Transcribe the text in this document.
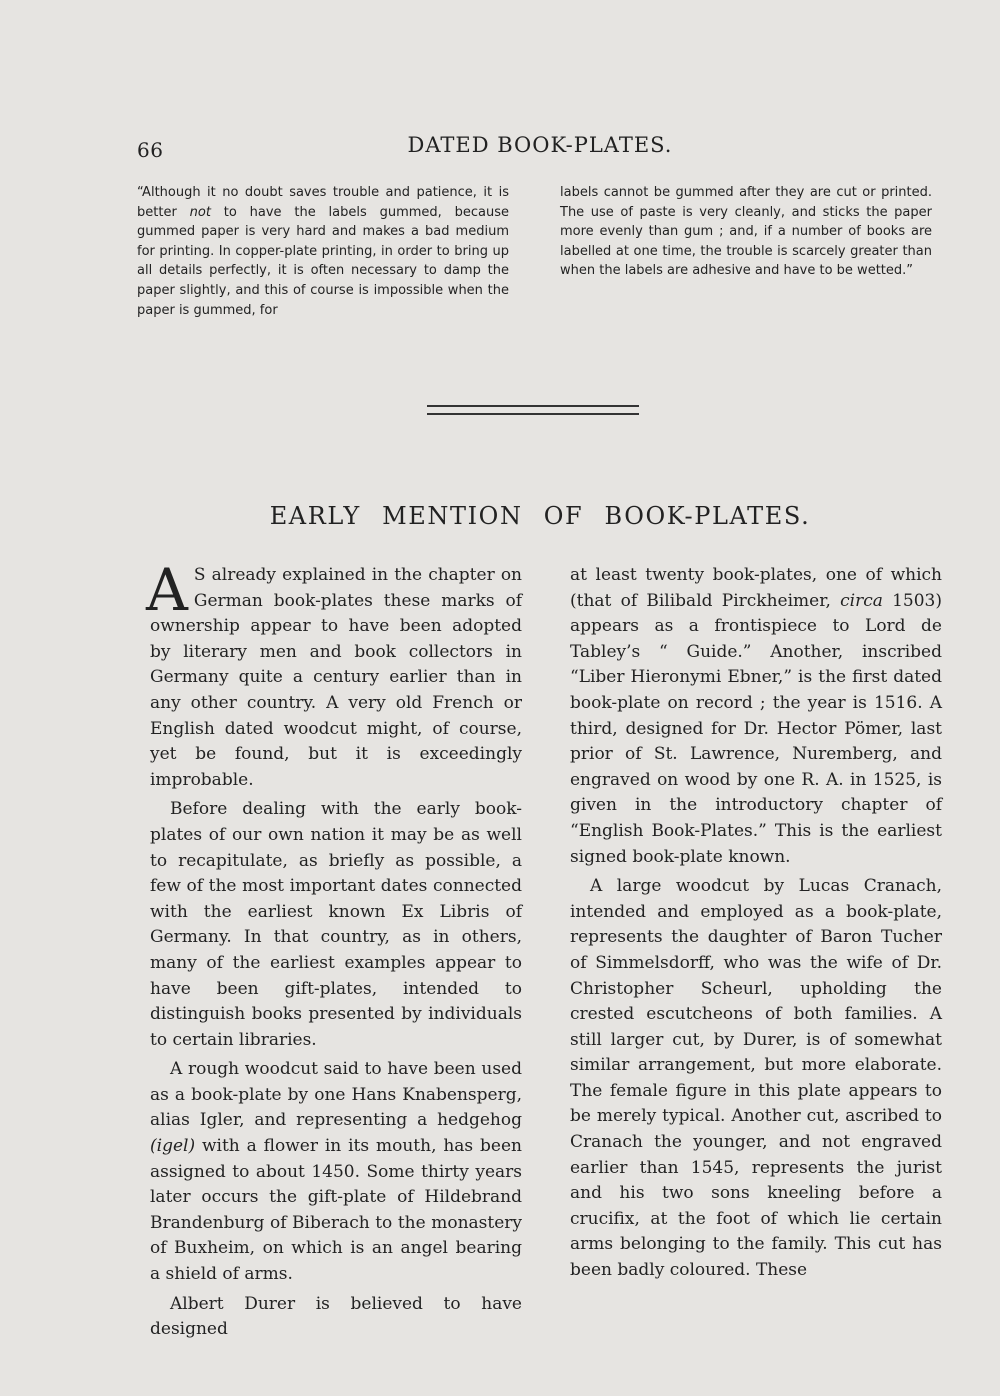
66	DATED BOOK-PLATES.

“Although it no doubt saves trouble and patience, it is better not to have the labels gummed, because gummed paper is very hard and makes a bad medium for printing. In copper-plate printing, in order to bring up all details perfectly, it is often necessary to damp the paper slightly, and this of course is impossible when the paper is gummed, for

labels cannot be gummed after they are cut or printed. The use of paste is very cleanly, and sticks the paper more evenly than gum ; and, if a number of books are labelled at one time, the trouble is scarcely greater than when the labels are adhesive and have to be wetted.”

EARLY MENTION OF BOOK-PLATES.

A S already explained in the chapter on German book-plates these marks of ownership appear to have been adopted by literary men and book collectors in Germany quite a century earlier than in any other country. A very old French or English dated woodcut might, of course, yet be found, but it is exceedingly improbable.

Before dealing with the early book-plates of our own nation it may be as well to recapitulate, as briefly as possible, a few of the most important dates connected with the earliest known Ex Libris of Germany. In that country, as in others, many of the earliest examples appear to have been gift-plates, intended to distinguish books presented by individuals to certain libraries.

A rough woodcut said to have been used as a book-plate by one Hans Knabensperg, alias Igler, and representing a hedgehog (igel) with a flower in its mouth, has been assigned to about 1450. Some thirty years later occurs the gift-plate of Hildebrand Brandenburg of Biberach to the monastery of Buxheim, on which is an angel bearing a shield of arms.

Albert Durer is believed to have designed

at least twenty book-plates, one of which (that of Bilibald Pirckheimer, circa 1503) appears as a frontispiece to Lord de Tabley’s “ Guide.” Another, inscribed “Liber Hieronymi Ebner,” is the first dated book-plate on record ; the year is 1516. A third, designed for Dr. Hector Pömer, last prior of St. Lawrence, Nuremberg, and engraved on wood by one R. A. in 1525, is given in the introductory chapter of “English Book-Plates.” This is the earliest signed book-plate known.

A large woodcut by Lucas Cranach, intended and employed as a book-plate, represents the daughter of Baron Tucher of Simmelsdorff, who was the wife of Dr. Christopher Scheurl, upholding the crested escutcheons of both families. A still larger cut, by Durer, is of somewhat similar arrangement, but more elaborate. The female figure in this plate appears to be merely typical. Another cut, ascribed to Cranach the younger, and not engraved earlier than 1545, represents the jurist and his two sons kneeling before a crucifix, at the foot of which lie certain arms belonging to the family. This cut has been badly coloured. These
